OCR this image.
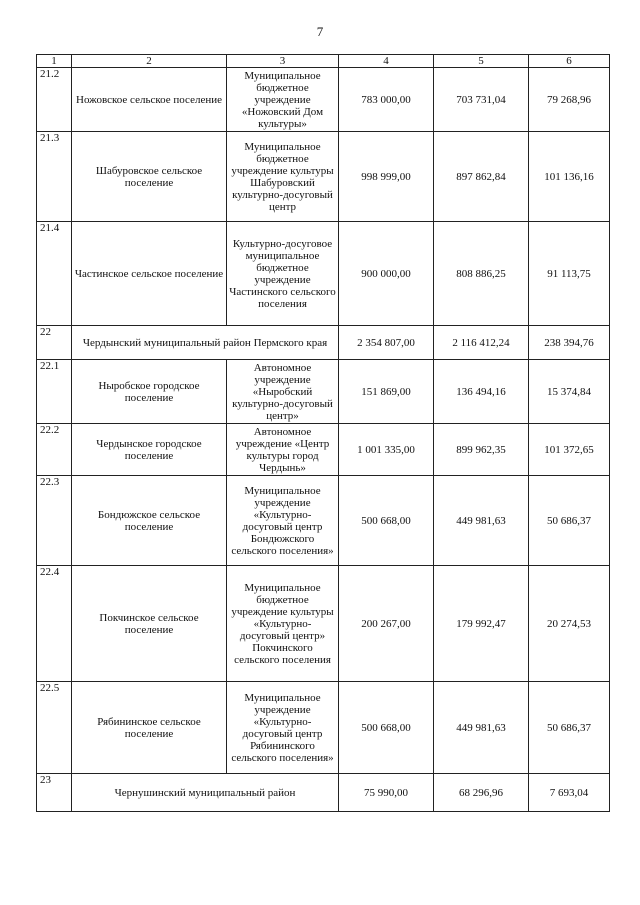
7
1	2	3	4	5	6
21.2	Ножовское сельское поселение	Муниципальное бюджетное учреждение «Ножовский Дом культуры»	783 000,00	703 731,04	79 268,96
21.3	Шабуровское сельское поселение	Муниципальное бюджетное учреждение культуры Шабуровский культурно-досуговый центр	998 999,00	897 862,84	101 136,16
21.4	Частинское сельское поселение	Культурно-досуговое муниципальное бюджетное учреждение Частинского сельского поселения	900 000,00	808 886,25	91 113,75
22	Чердынский муниципальный район Пермского края		2 354 807,00	2 116 412,24	238 394,76
22.1	Ныробское городское поселение	Автономное учреждение «Ныробский культурно-досуговый центр»	151 869,00	136 494,16	15 374,84
22.2	Чердынское городское поселение	Автономное учреждение «Центр культуры город Чердынь»	1 001 335,00	899 962,35	101 372,65
22.3	Бондюжское сельское поселение	Муниципальное учреждение «Культурно-досуговый центр Бондюжского сельского поселения»	500 668,00	449 981,63	50 686,37
22.4	Покчинское сельское поселение	Муниципальное бюджетное учреждение культуры «Культурно-досуговый центр» Покчинского сельского поселения	200 267,00	179 992,47	20 274,53
22.5	Рябининское сельское поселение	Муниципальное учреждение «Культурно-досуговый центр Рябининского сельского поселения»	500 668,00	449 981,63	50 686,37
23	Чернушинский муниципальный район		75 990,00	68 296,96	7 693,04
